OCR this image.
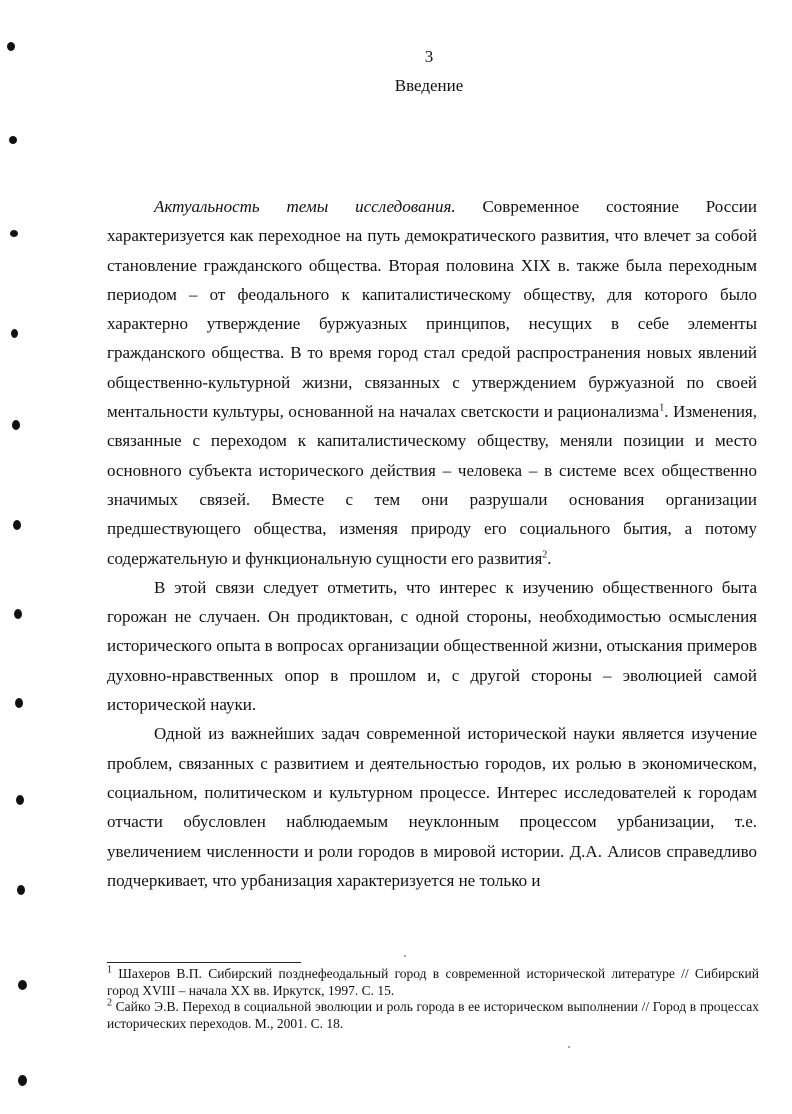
3
Введение

Актуальность темы исследования. Современное состояние России характеризуется как переходное на путь демократического развития, что влечет за собой становление гражданского общества. Вторая половина XIX в. также была переходным периодом – от феодального к капиталистическому обществу, для которого было характерно утверждение буржуазных принципов, несущих в себе элементы гражданского общества. В то время город стал средой распространения новых явлений общественно-культурной жизни, связанных с утверждением буржуазной по своей ментальности культуры, основанной на началах светскости и рационализма$^1$. Изменения, связанные с переходом к капиталистическому обществу, меняли позиции и место основного субъекта исторического действия – человека – в системе всех общественно значимых связей. Вместе с тем они разрушали основания организации предшествующего общества, изменяя природу его социального бытия, а потому содержательную и функциональную сущности его развития$^2$.

В этой связи следует отметить, что интерес к изучению общественного быта горожан не случаен. Он продиктован, с одной стороны, необходимостью осмысления исторического опыта в вопросах организации общественной жизни, отыскания примеров духовно-нравственных опор в прошлом и, с другой стороны – эволюцией самой исторической науки.

Одной из важнейших задач современной исторической науки является изучение проблем, связанных с развитием и деятельностью городов, их ролью в экономическом, социальном, политическом и культурном процессе. Интерес исследователей к городам отчасти обусловлен наблюдаемым неуклонным процессом урбанизации, т.е. увеличением численности и роли городов в мировой истории. Д.А. Алисов справедливо подчеркивает, что урбанизация характеризуется не только и

$^1$ Шахеров В.П. Сибирский позднефеодальный город в современной исторической литературе // Сибирский город XVIII – начала XX вв. Иркутск, 1997. С. 15.

$^2$ Сайко Э.В. Переход в социальной эволюции и роль города в ее историческом выполнении // Город в процессах исторических переходов. М., 2001. С. 18.
